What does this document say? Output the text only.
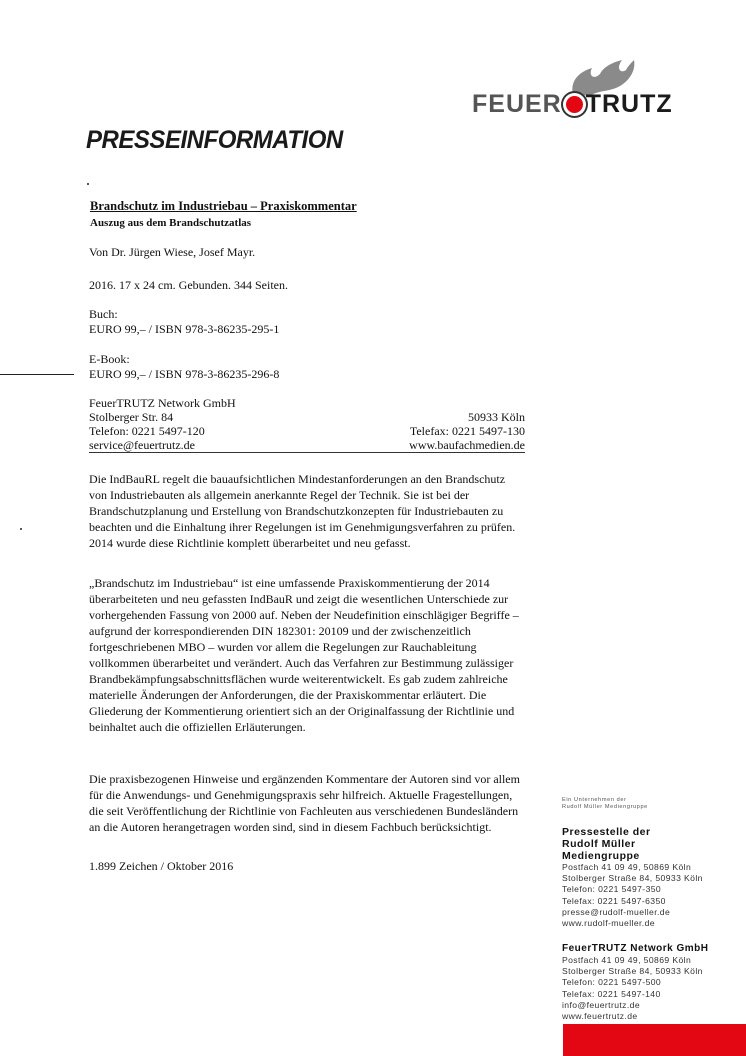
FEUER TRUTZ
PRESSEINFORMATION
Brandschutz im Industriebau – Praxiskommentar
Auszug aus dem Brandschutzatlas
Von Dr. Jürgen Wiese, Josef Mayr.
2016. 17 x 24 cm. Gebunden. 344 Seiten.
Buch:
EURO 99,– / ISBN 978-3-86235-295-1
E-Book:
EURO 99,– / ISBN 978-3-86235-296-8
FeuerTRUTZ Network GmbH
Stolberger Str. 84	50933 Köln
Telefon: 0221 5497-120	Telefax: 0221 5497-130
service@feuertrutz.de	www.baufachmedien.de
Die IndBauRL regelt die bauaufsichtlichen Mindestanforderungen an den Brandschutz
von Industriebauten als allgemein anerkannte Regel der Technik. Sie ist bei der
Brandschutzplanung und Erstellung von Brandschutzkonzepten für Industriebauten zu
beachten und die Einhaltung ihrer Regelungen ist im Genehmigungsverfahren zu prüfen.
2014 wurde diese Richtlinie komplett überarbeitet und neu gefasst.
„Brandschutz im Industriebau“ ist eine umfassende Praxiskommentierung der 2014
überarbeiteten und neu gefassten IndBauR und zeigt die wesentlichen Unterschiede zur
vorhergehenden Fassung von 2000 auf. Neben der Neudefinition einschlägiger Begriffe –
aufgrund der korrespondierenden DIN 182301: 20109 und der zwischenzeitlich
fortgeschriebenen MBO – wurden vor allem die Regelungen zur Rauchableitung
vollkommen überarbeitet und verändert. Auch das Verfahren zur Bestimmung zulässiger
Brandbekämpfungsabschnittsflächen wurde weiterentwickelt. Es gab zudem zahlreiche
materielle Änderungen der Anforderungen, die der Praxiskommentar erläutert. Die
Gliederung der Kommentierung orientiert sich an der Originalfassung der Richtlinie und
beinhaltet auch die offiziellen Erläuterungen.
Die praxisbezogenen Hinweise und ergänzenden Kommentare der Autoren sind vor allem
für die Anwendungs- und Genehmigungspraxis sehr hilfreich. Aktuelle Fragestellungen,
die seit Veröffentlichung der Richtlinie von Fachleuten aus verschiedenen Bundesländern
an die Autoren herangetragen worden sind, sind in diesem Fachbuch berücksichtigt.
1.899 Zeichen / Oktober 2016
Ein Unternehmen der
Rudolf Müller Mediengruppe
Pressestelle der
Rudolf Müller
Mediengruppe
Postfach 41 09 49, 50869 Köln
Stolberger Straße 84, 50933 Köln
Telefon: 0221 5497-350
Telefax: 0221 5497-6350
presse@rudolf-mueller.de
www.rudolf-mueller.de
FeuerTRUTZ Network GmbH
Postfach 41 09 49, 50869 Köln
Stolberger Straße 84, 50933 Köln
Telefon: 0221 5497-500
Telefax: 0221 5497-140
info@feuertrutz.de
www.feuertrutz.de
